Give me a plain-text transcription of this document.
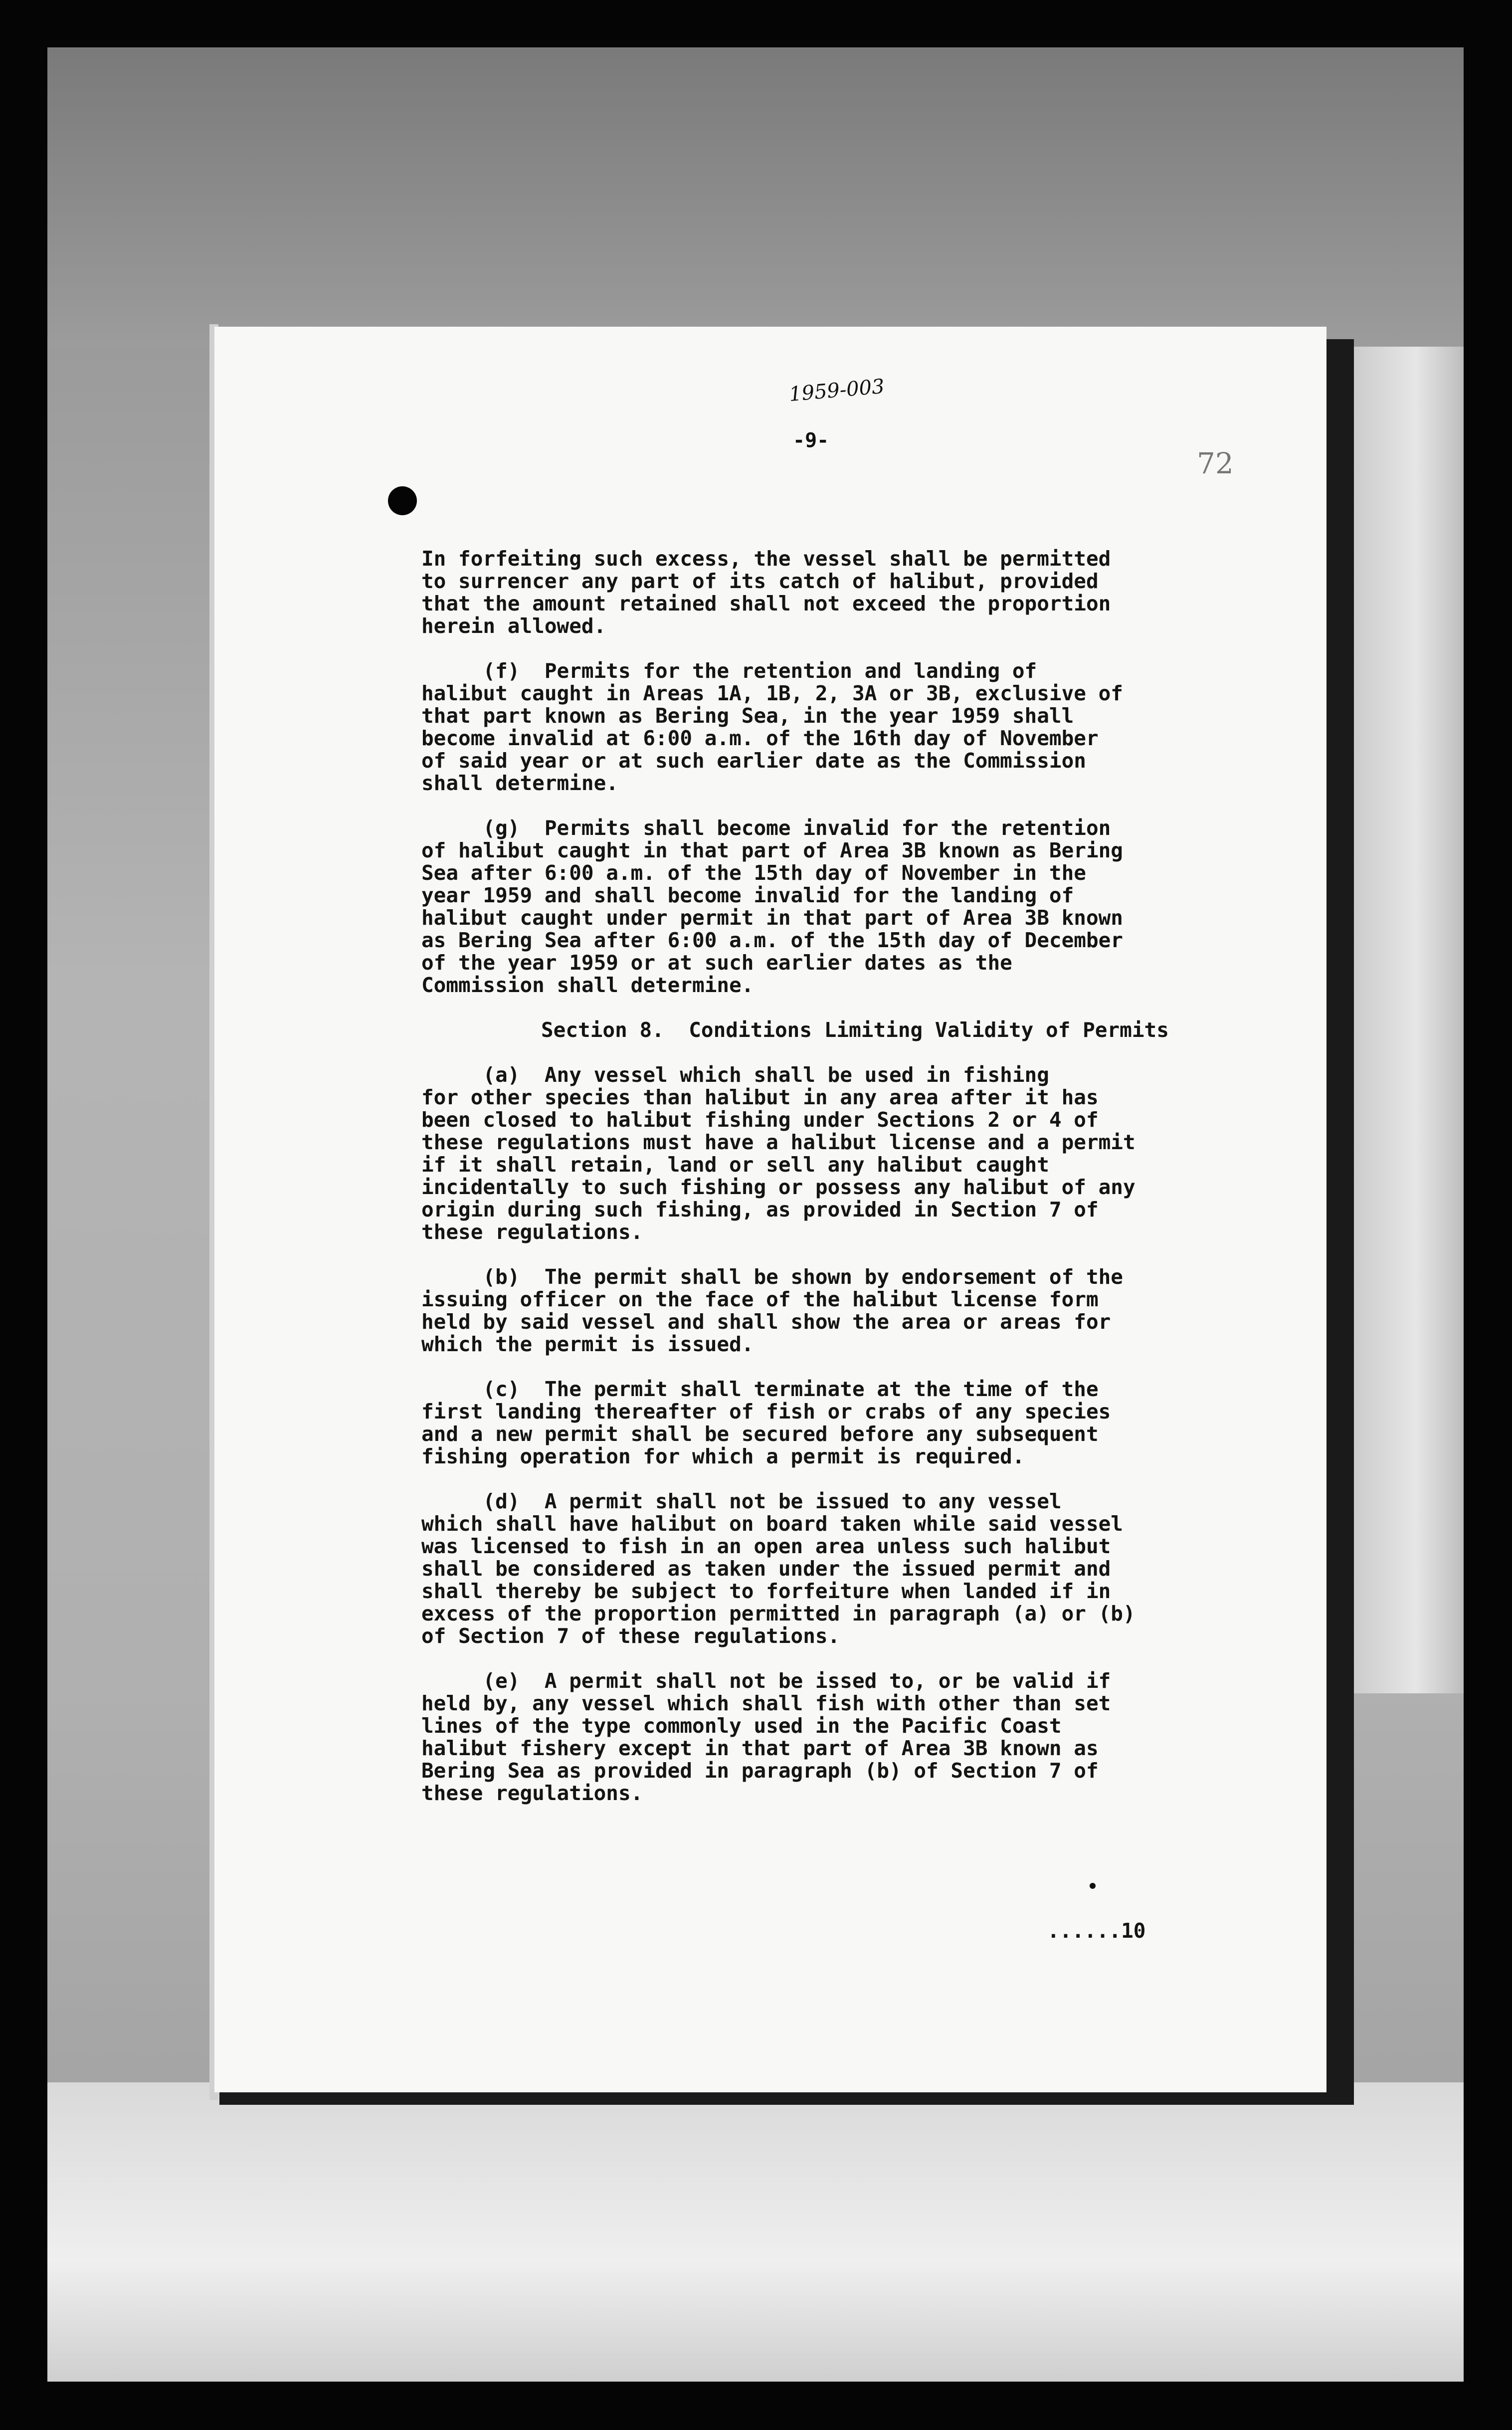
1959-003
-9-
72

In forfeiting such excess, the vessel shall be permitted
to surrencer any part of its catch of halibut, provided
that the amount retained shall not exceed the proportion
herein allowed.

(f)  Permits for the retention and landing of
halibut caught in Areas 1A, 1B, 2, 3A or 3B, exclusive of
that part known as Bering Sea, in the year 1959 shall
become invalid at 6:00 a.m. of the 16th day of November
of said year or at such earlier date as the Commission
shall determine.

(g)  Permits shall become invalid for the retention
of halibut caught in that part of Area 3B known as Bering
Sea after 6:00 a.m. of the 15th day of November in the
year 1959 and shall become invalid for the landing of
halibut caught under permit in that part of Area 3B known
as Bering Sea after 6:00 a.m. of the 15th day of December
of the year 1959 or at such earlier dates as the
Commission shall determine.

Section 8.  Conditions Limiting Validity of Permits

(a)  Any vessel which shall be used in fishing
for other species than halibut in any area after it has
been closed to halibut fishing under Sections 2 or 4 of
these regulations must have a halibut license and a permit
if it shall retain, land or sell any halibut caught
incidentally to such fishing or possess any halibut of any
origin during such fishing, as provided in Section 7 of
these regulations.

(b)  The permit shall be shown by endorsement of the
issuing officer on the face of the halibut license form
held by said vessel and shall show the area or areas for
which the permit is issued.

(c)  The permit shall terminate at the time of the
first landing thereafter of fish or crabs of any species
and a new permit shall be secured before any subsequent
fishing operation for which a permit is required.

(d)  A permit shall not be issued to any vessel
which shall have halibut on board taken while said vessel
was licensed to fish in an open area unless such halibut
shall be considered as taken under the issued permit and
shall thereby be subject to forfeiture when landed if in
excess of the proportion permitted in paragraph (a) or (b)
of Section 7 of these regulations.

(e)  A permit shall not be issed to, or be valid if
held by, any vessel which shall fish with other than set
lines of the type commonly used in the Pacific Coast
halibut fishery except in that part of Area 3B known as
Bering Sea as provided in paragraph (b) of Section 7 of
these regulations.

......10
